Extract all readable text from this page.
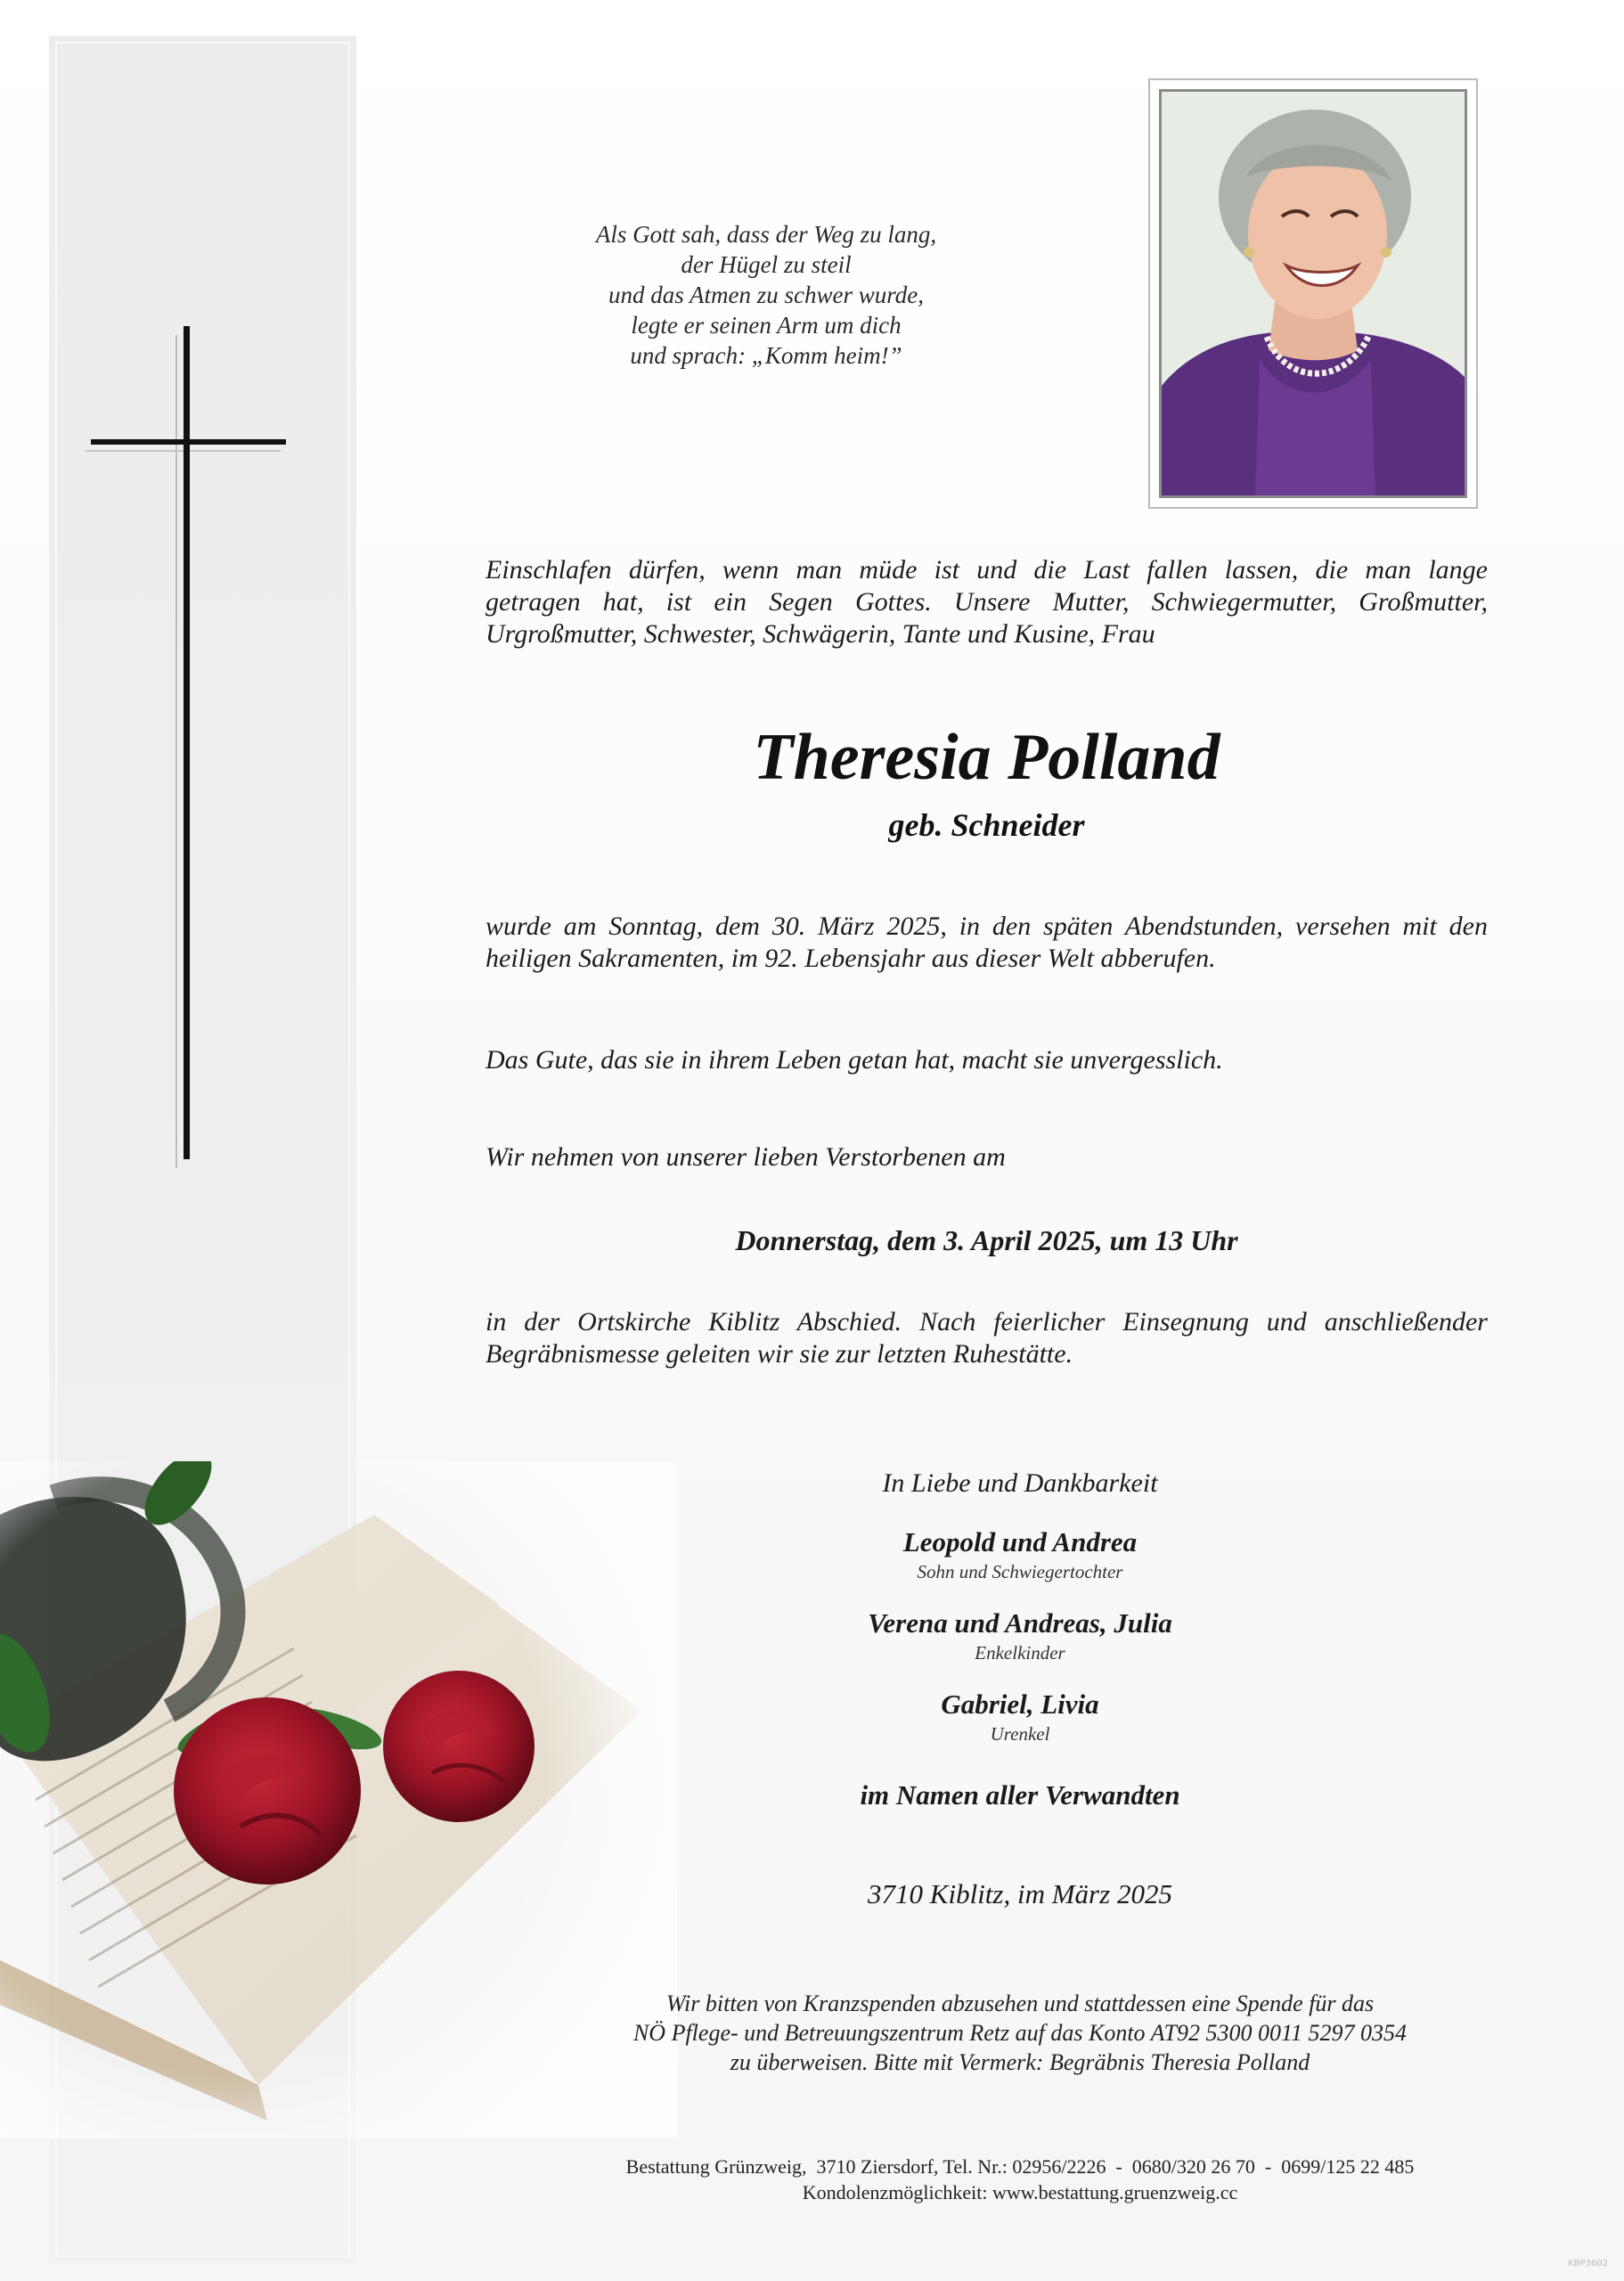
Als Gott sah, dass der Weg zu lang,
der Hügel zu steil
und das Atmen zu schwer wurde,
legte er seinen Arm um dich
und sprach: „Komm heim!”
Einschlafen dürfen, wenn man müde ist und die Last fallen lassen, die man lange
getragen hat, ist ein Segen Gottes. Unsere Mutter, Schwiegermutter, Großmutter,
Urgroßmutter, Schwester, Schwägerin, Tante und Kusine, Frau
Theresia Polland
geb. Schneider
wurde am Sonntag, dem 30. März 2025, in den späten Abendstunden, versehen mit den
heiligen Sakramenten, im 92. Lebensjahr aus dieser Welt abberufen.
Das Gute, das sie in ihrem Leben getan hat, macht sie unvergesslich.
Wir nehmen von unserer lieben Verstorbenen am
Donnerstag, dem 3. April 2025, um 13 Uhr
in der Ortskirche Kiblitz Abschied. Nach feierlicher Einsegnung und anschließender
Begräbnismesse geleiten wir sie zur letzten Ruhestätte.
In Liebe und Dankbarkeit
Leopold und Andrea
Sohn und Schwiegertochter
Verena und Andreas, Julia
Enkelkinder
Gabriel, Livia
Urenkel
im Namen aller Verwandten
3710 Kiblitz, im März 2025
Wir bitten von Kranzspenden abzusehen und stattdessen eine Spende für das
NÖ Pflege- und Betreuungszentrum Retz auf das Konto AT92 5300 0011 5297 0354
zu überweisen. Bitte mit Vermerk: Begräbnis Theresia Polland
Bestattung Grünzweig,  3710 Ziersdorf, Tel. Nr.: 02956/2226  -  0680/320 26 70  -  0699/125 22 485
Kondolenzmöglichkeit: www.bestattung.gruenzweig.cc
KBP3602
